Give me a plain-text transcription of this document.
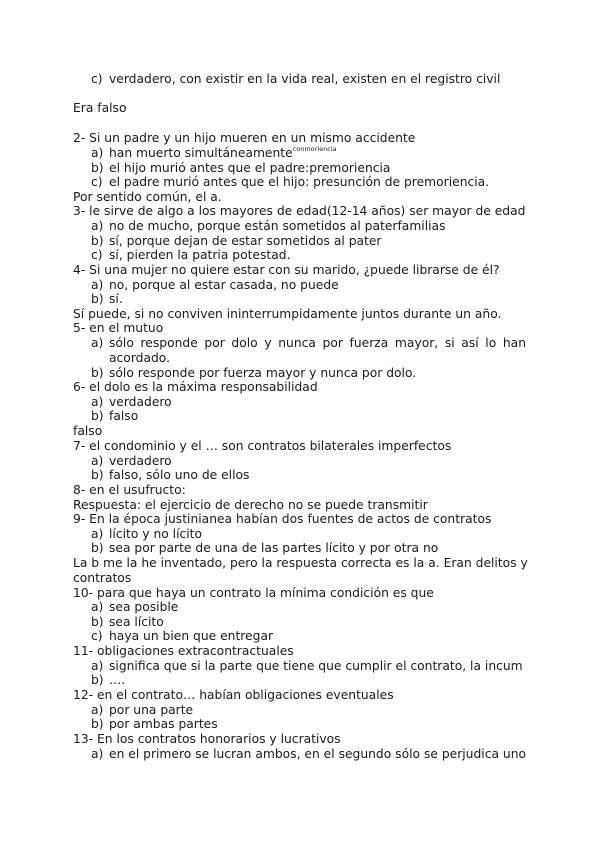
c) verdadero, con existir en la vida real, existen en el registro civil
Era falso
2- Si un padre y un hijo mueren en un mismo accidente
a) han muerto simultáneamente$^{conmoriencia}$
b) el hijo murió antes que el padre:premoriencia
c) el padre murió antes que el hijo: presunción de premoriencia.
Por sentido común, el a.
3- le sirve de algo a los mayores de edad(12-14 años) ser mayor de edad
a) no de mucho, porque están sometidos al paterfamilias
b) sí, porque dejan de estar sometidos al pater
c) sí, pierden la patria potestad.
4- Si una mujer no quiere estar con su marido, ¿puede librarse de él?
a) no, porque al estar casada, no puede
b) sí.
Sí puede, si no conviven ininterrumpidamente juntos durante un año.
5- en el mutuo
a) sólo responde por dolo y nunca por fuerza mayor, si así lo han
acordado.
b) sólo responde por fuerza mayor y nunca por dolo.
6- el dolo es la máxima responsabilidad
a) verdadero
b) falso
falso
7- el condominio y el … son contratos bilaterales imperfectos
a) verdadero
b) falso, sólo uno de ellos
8- en el usufructo:
Respuesta: el ejercicio de derecho no se puede transmitir
9- En la época justinianea habían dos fuentes de actos de contratos
a) lícito y no lícito
b) sea por parte de una de las partes lícito y por otra no
La b me la he inventado, pero la respuesta correcta es la a. Eran delitos y
contratos
10- para que haya un contrato la mínima condición es que
a) sea posible
b) sea lícito
c) haya un bien que entregar
11- obligaciones extracontractuales
a) significa que si la parte que tiene que cumplir el contrato, la incum
b) ….
12- en el contrato… habían obligaciones eventuales
a) por una parte
b) por ambas partes
13- En los contratos honorarios y lucrativos
a) en el primero se lucran ambos, en el segundo sólo se perjudica uno
